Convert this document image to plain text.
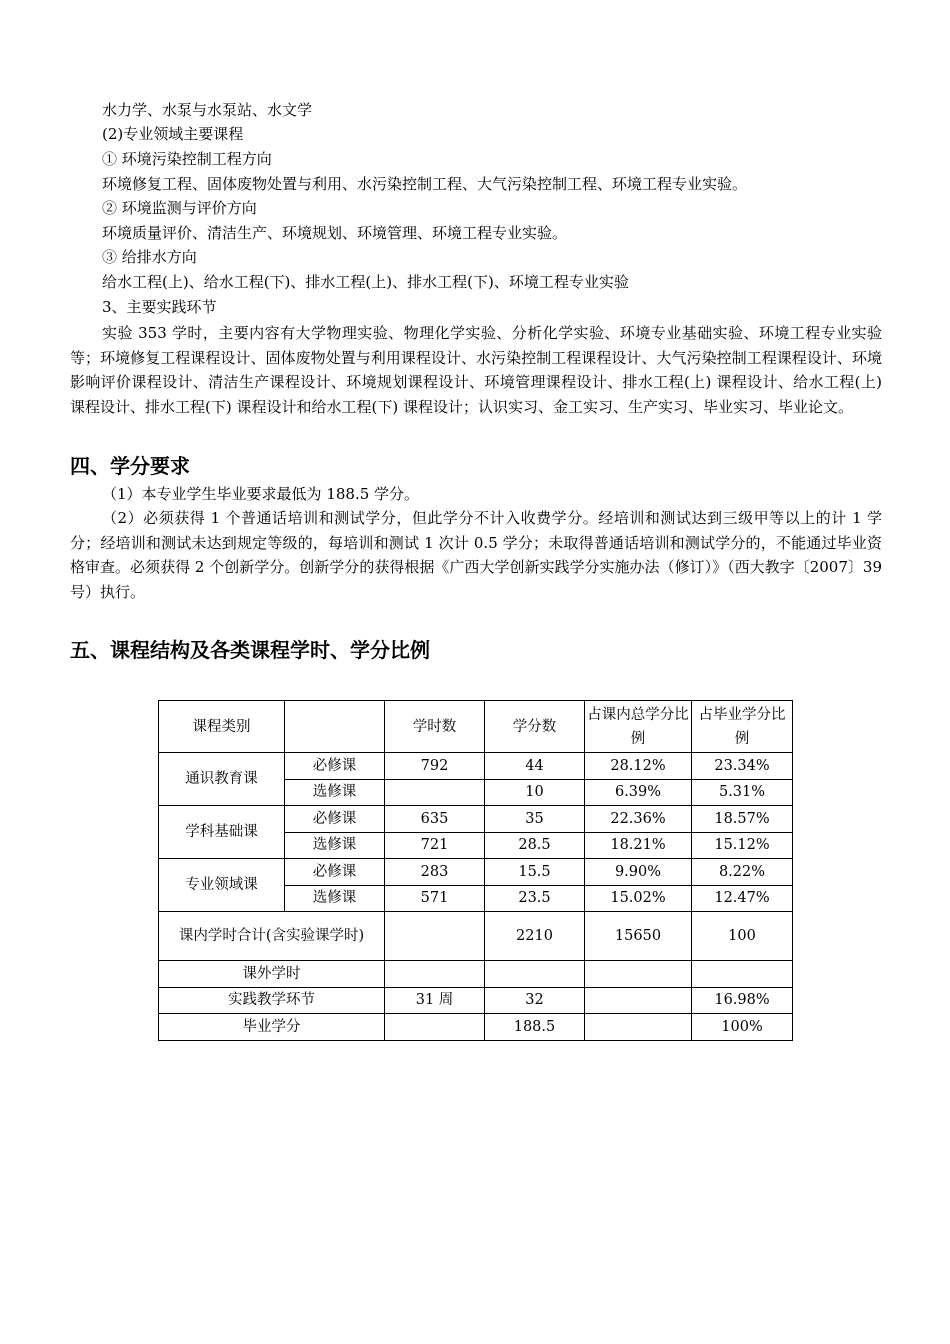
水力学、水泵与水泵站、水文学
(2)专业领域主要课程
① 环境污染控制工程方向
环境修复工程、固体废物处置与利用、水污染控制工程、大气污染控制工程、环境工程专业实验。
② 环境监测与评价方向
环境质量评价、清洁生产、环境规划、环境管理、环境工程专业实验。
③ 给排水方向
给水工程(上)、给水工程(下)、排水工程(上)、排水工程(下)、环境工程专业实验
3、主要实践环节
实验 353 学时，主要内容有大学物理实验、物理化学实验、分析化学实验、环境专业基础实验、环境工程专业实验等；环境修复工程课程设计、固体废物处置与利用课程设计、水污染控制工程课程设计、大气污染控制工程课程设计、环境影响评价课程设计、清洁生产课程设计、环境规划课程设计、环境管理课程设计、排水工程(上) 课程设计、给水工程(上) 课程设计、排水工程(下) 课程设计和给水工程(下) 课程设计；认识实习、金工实习、生产实习、毕业实习、毕业论文。
四、学分要求
（1）本专业学生毕业要求最低为 188.5 学分。
（2）必须获得 1 个普通话培训和测试学分，但此学分不计入收费学分。经培训和测试达到三级甲等以上的计 1 学分；经培训和测试未达到规定等级的，每培训和测试 1 次计 0.5 学分；未取得普通话培训和测试学分的，不能通过毕业资格审查。必须获得 2 个创新学分。创新学分的获得根据《广西大学创新实践学分实施办法（修订）》（西大教字〔2007〕39 号）执行。
五、课程结构及各类课程学时、学分比例
课程类别		学时数	学分数	占课内总学分比例	占毕业学分比例
通识教育课	必修课	792	44	28.12%	23.34%
	选修课		10	6.39%	5.31%
学科基础课	必修课	635	35	22.36%	18.57%
	选修课	721	28.5	18.21%	15.12%
专业领域课	必修课	283	15.5	9.90%	8.22%
	选修课	571	23.5	15.02%	12.47%
课内学时合计(含实验课学时)			2210	15650	100
课外学时					
实践教学环节		31 周	32		16.98%
毕业学分			188.5		100%
